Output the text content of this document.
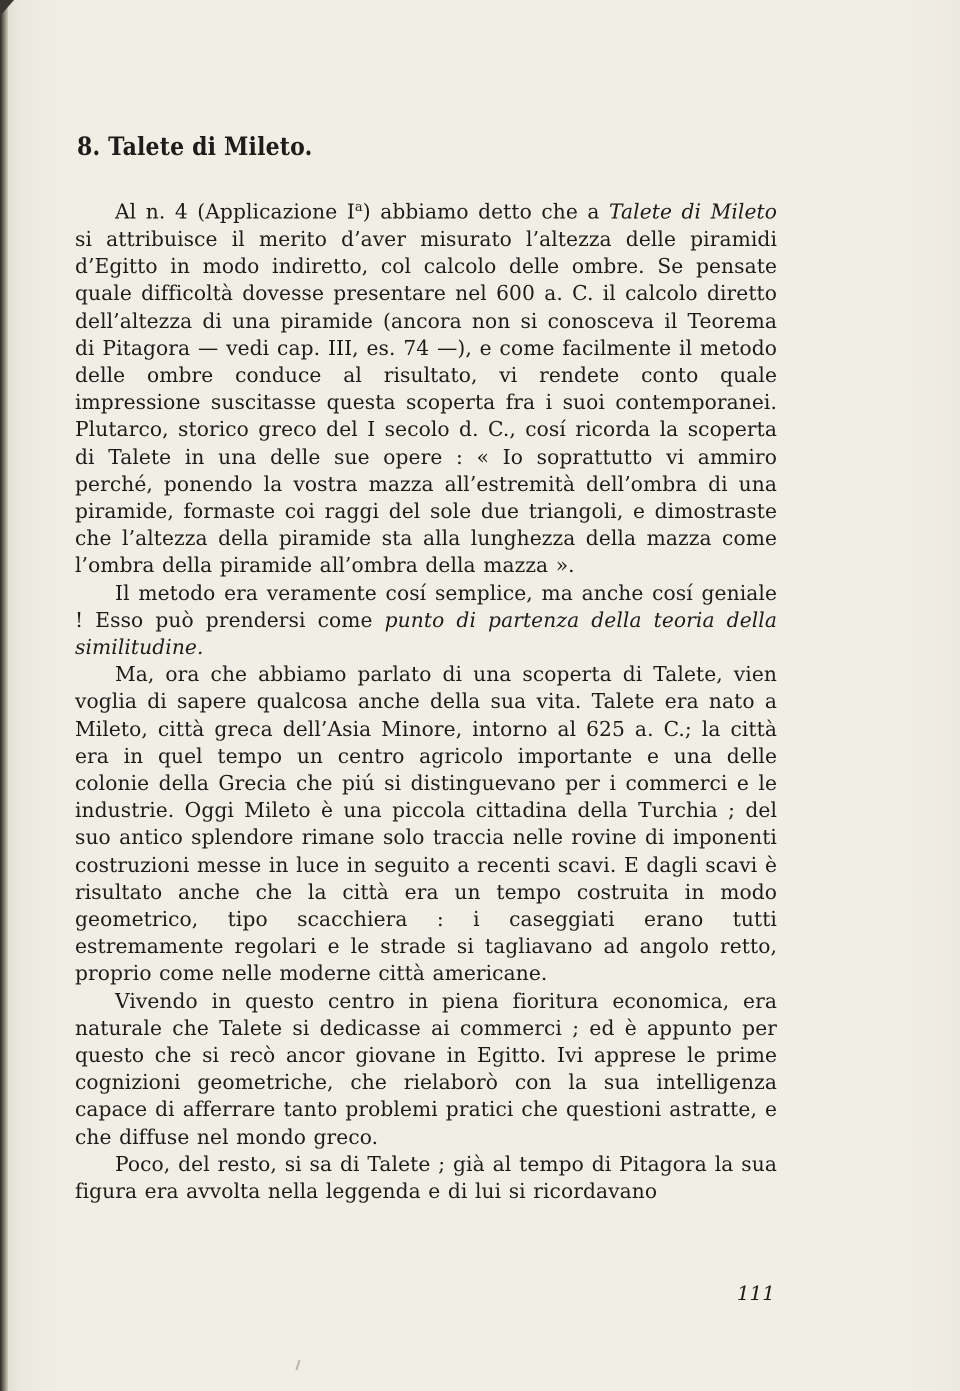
8. Talete di Mileto.

Al n. 4 (Applicazione $I^a$) abbiamo detto che a Talete di Mileto si attribuisce il merito d’aver misurato l’altezza delle piramidi d’Egitto in modo indiretto, col calcolo delle ombre. Se pensate quale difficoltà dovesse presentare nel 600 a. C. il calcolo diretto dell’altezza di una piramide (ancora non si conosceva il Teorema di Pitagora — vedi cap. III, es. 74 —), e come facilmente il metodo delle ombre conduce al risultato, vi rendete conto quale impressione suscitasse questa scoperta fra i suoi contemporanei. Plutarco, storico greco del I secolo d. C., cosí ricorda la scoperta di Talete in una delle sue opere : « Io soprattutto vi ammiro perché, ponendo la vostra mazza all’estremità dell’ombra di una piramide, formaste coi raggi del sole due triangoli, e dimostraste che l’altezza della piramide sta alla lunghezza della mazza come l’ombra della piramide all’ombra della mazza ».

Il metodo era veramente cosí semplice, ma anche cosí geniale ! Esso può prendersi come punto di partenza della teoria della similitudine.

Ma, ora che abbiamo parlato di una scoperta di Talete, vien voglia di sapere qualcosa anche della sua vita. Talete era nato a Mileto, città greca dell’Asia Minore, intorno al 625 a. C.; la città era in quel tempo un centro agricolo importante e una delle colonie della Grecia che piú si distinguevano per i commerci e le industrie. Oggi Mileto è una piccola cittadina della Turchia ; del suo antico splendore rimane solo traccia nelle rovine di imponenti costruzioni messe in luce in seguito a recenti scavi. E dagli scavi è risultato anche che la città era un tempo costruita in modo geometrico, tipo scacchiera : i caseggiati erano tutti estremamente regolari e le strade si tagliavano ad angolo retto, proprio come nelle moderne città americane.

Vivendo in questo centro in piena fioritura economica, era naturale che Talete si dedicasse ai commerci ; ed è appunto per questo che si recò ancor giovane in Egitto. Ivi apprese le prime cognizioni geometriche, che rielaborò con la sua intelligenza capace di afferrare tanto problemi pratici che questioni astratte, e che diffuse nel mondo greco.

Poco, del resto, si sa di Talete ; già al tempo di Pitagora la sua figura era avvolta nella leggenda e di lui si ricordavano

111
